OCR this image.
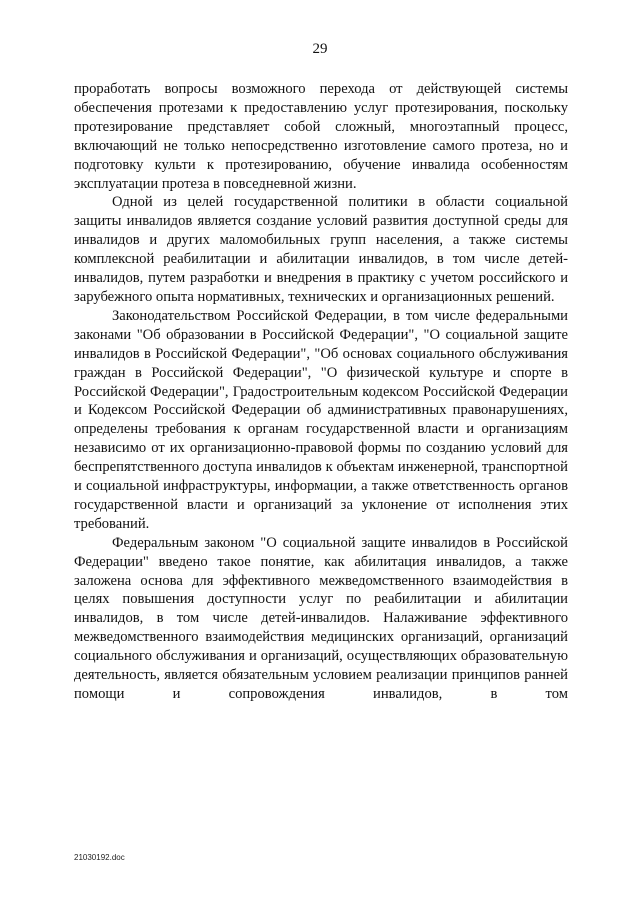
29

проработать вопросы возможного перехода от действующей системы обеспечения протезами к предоставлению услуг протезирования, поскольку протезирование представляет собой сложный, многоэтапный процесс, включающий не только непосредственно изготовление самого протеза, но и подготовку культи к протезированию, обучение инвалида особенностям эксплуатации протеза в повседневной жизни.

Одной из целей государственной политики в области социальной защиты инвалидов является создание условий развития доступной среды для инвалидов и других маломобильных групп населения, а также системы комплексной реабилитации и абилитации инвалидов, в том числе детей-инвалидов, путем разработки и внедрения в практику с учетом российского и зарубежного опыта нормативных, технических и организационных решений.

Законодательством Российской Федерации, в том числе федеральными законами "Об образовании в Российской Федерации", "О социальной защите инвалидов в Российской Федерации", "Об основах социального обслуживания граждан в Российской Федерации", "О физической культуре и спорте в Российской Федерации", Градостроительным кодексом Российской Федерации и Кодексом Российской Федерации об административных правонарушениях, определены требования к органам государственной власти и организациям независимо от их организационно-правовой формы по созданию условий для беспрепятственного доступа инвалидов к объектам инженерной, транспортной и социальной инфраструктуры, информации, а также ответственность органов государственной власти и организаций за уклонение от исполнения этих требований.

Федеральным законом "О социальной защите инвалидов в Российской Федерации" введено такое понятие, как абилитация инвалидов, а также заложена основа для эффективного межведомственного взаимодействия в целях повышения доступности услуг по реабилитации и абилитации инвалидов, в том числе детей-инвалидов. Налаживание эффективного межведомственного взаимодействия медицинских организаций, организаций социального обслуживания и организаций, осуществляющих образовательную деятельность, является обязательным условием реализации принципов ранней помощи и сопровождения инвалидов, в том

21030192.doc
